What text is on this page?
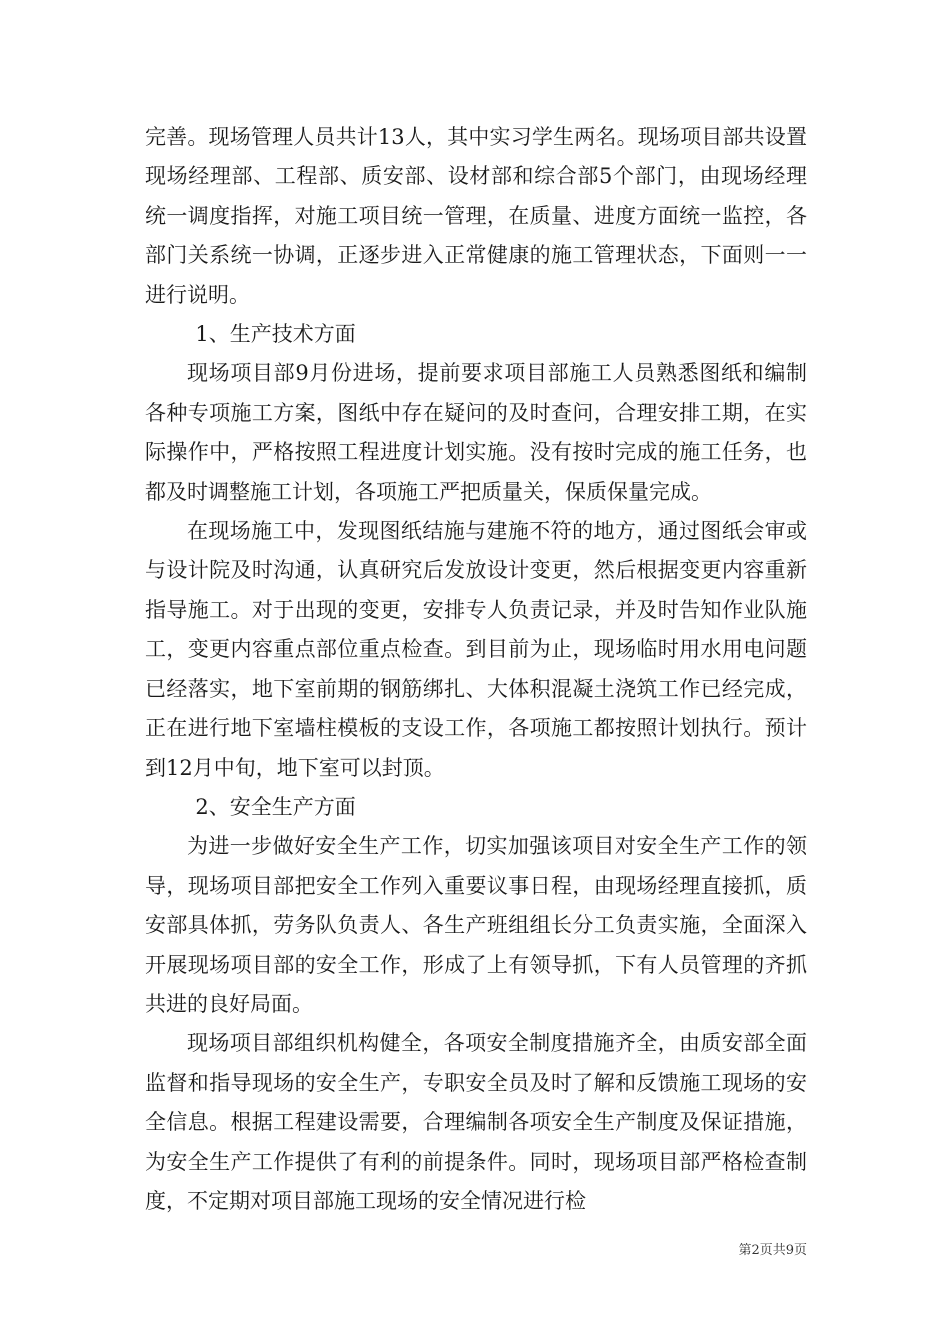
完善。现场管理人员共计13人，其中实习学生两名。现场项目部共设置现场经理部、工程部、质安部、设材部和综合部5个部门，由现场经理统一调度指挥，对施工项目统一管理，在质量、进度方面统一监控，各部门关系统一协调，正逐步进入正常健康的施工管理状态，下面则一一进行说明。

1、生产技术方面

现场项目部9月份进场，提前要求项目部施工人员熟悉图纸和编制各种专项施工方案，图纸中存在疑问的及时查问，合理安排工期，在实际操作中，严格按照工程进度计划实施。没有按时完成的施工任务，也都及时调整施工计划，各项施工严把质量关，保质保量完成。

在现场施工中，发现图纸结施与建施不符的地方，通过图纸会审或与设计院及时沟通，认真研究后发放设计变更，然后根据变更内容重新指导施工。对于出现的变更，安排专人负责记录，并及时告知作业队施工，变更内容重点部位重点检查。到目前为止，现场临时用水用电问题已经落实，地下室前期的钢筋绑扎、大体积混凝土浇筑工作已经完成，正在进行地下室墙柱模板的支设工作，各项施工都按照计划执行。预计到12月中旬，地下室可以封顶。

2、安全生产方面

为进一步做好安全生产工作，切实加强该项目对安全生产工作的领导，现场项目部把安全工作列入重要议事日程，由现场经理直接抓，质安部具体抓，劳务队负责人、各生产班组组长分工负责实施，全面深入开展现场项目部的安全工作，形成了上有领导抓，下有人员管理的齐抓共进的良好局面。

现场项目部组织机构健全，各项安全制度措施齐全，由质安部全面监督和指导现场的安全生产，专职安全员及时了解和反馈施工现场的安全信息。根据工程建设需要，合理编制各项安全生产制度及保证措施，为安全生产工作提供了有利的前提条件。同时，现场项目部严格检查制度，不定期对项目部施工现场的安全情况进行检

第2页共9页
